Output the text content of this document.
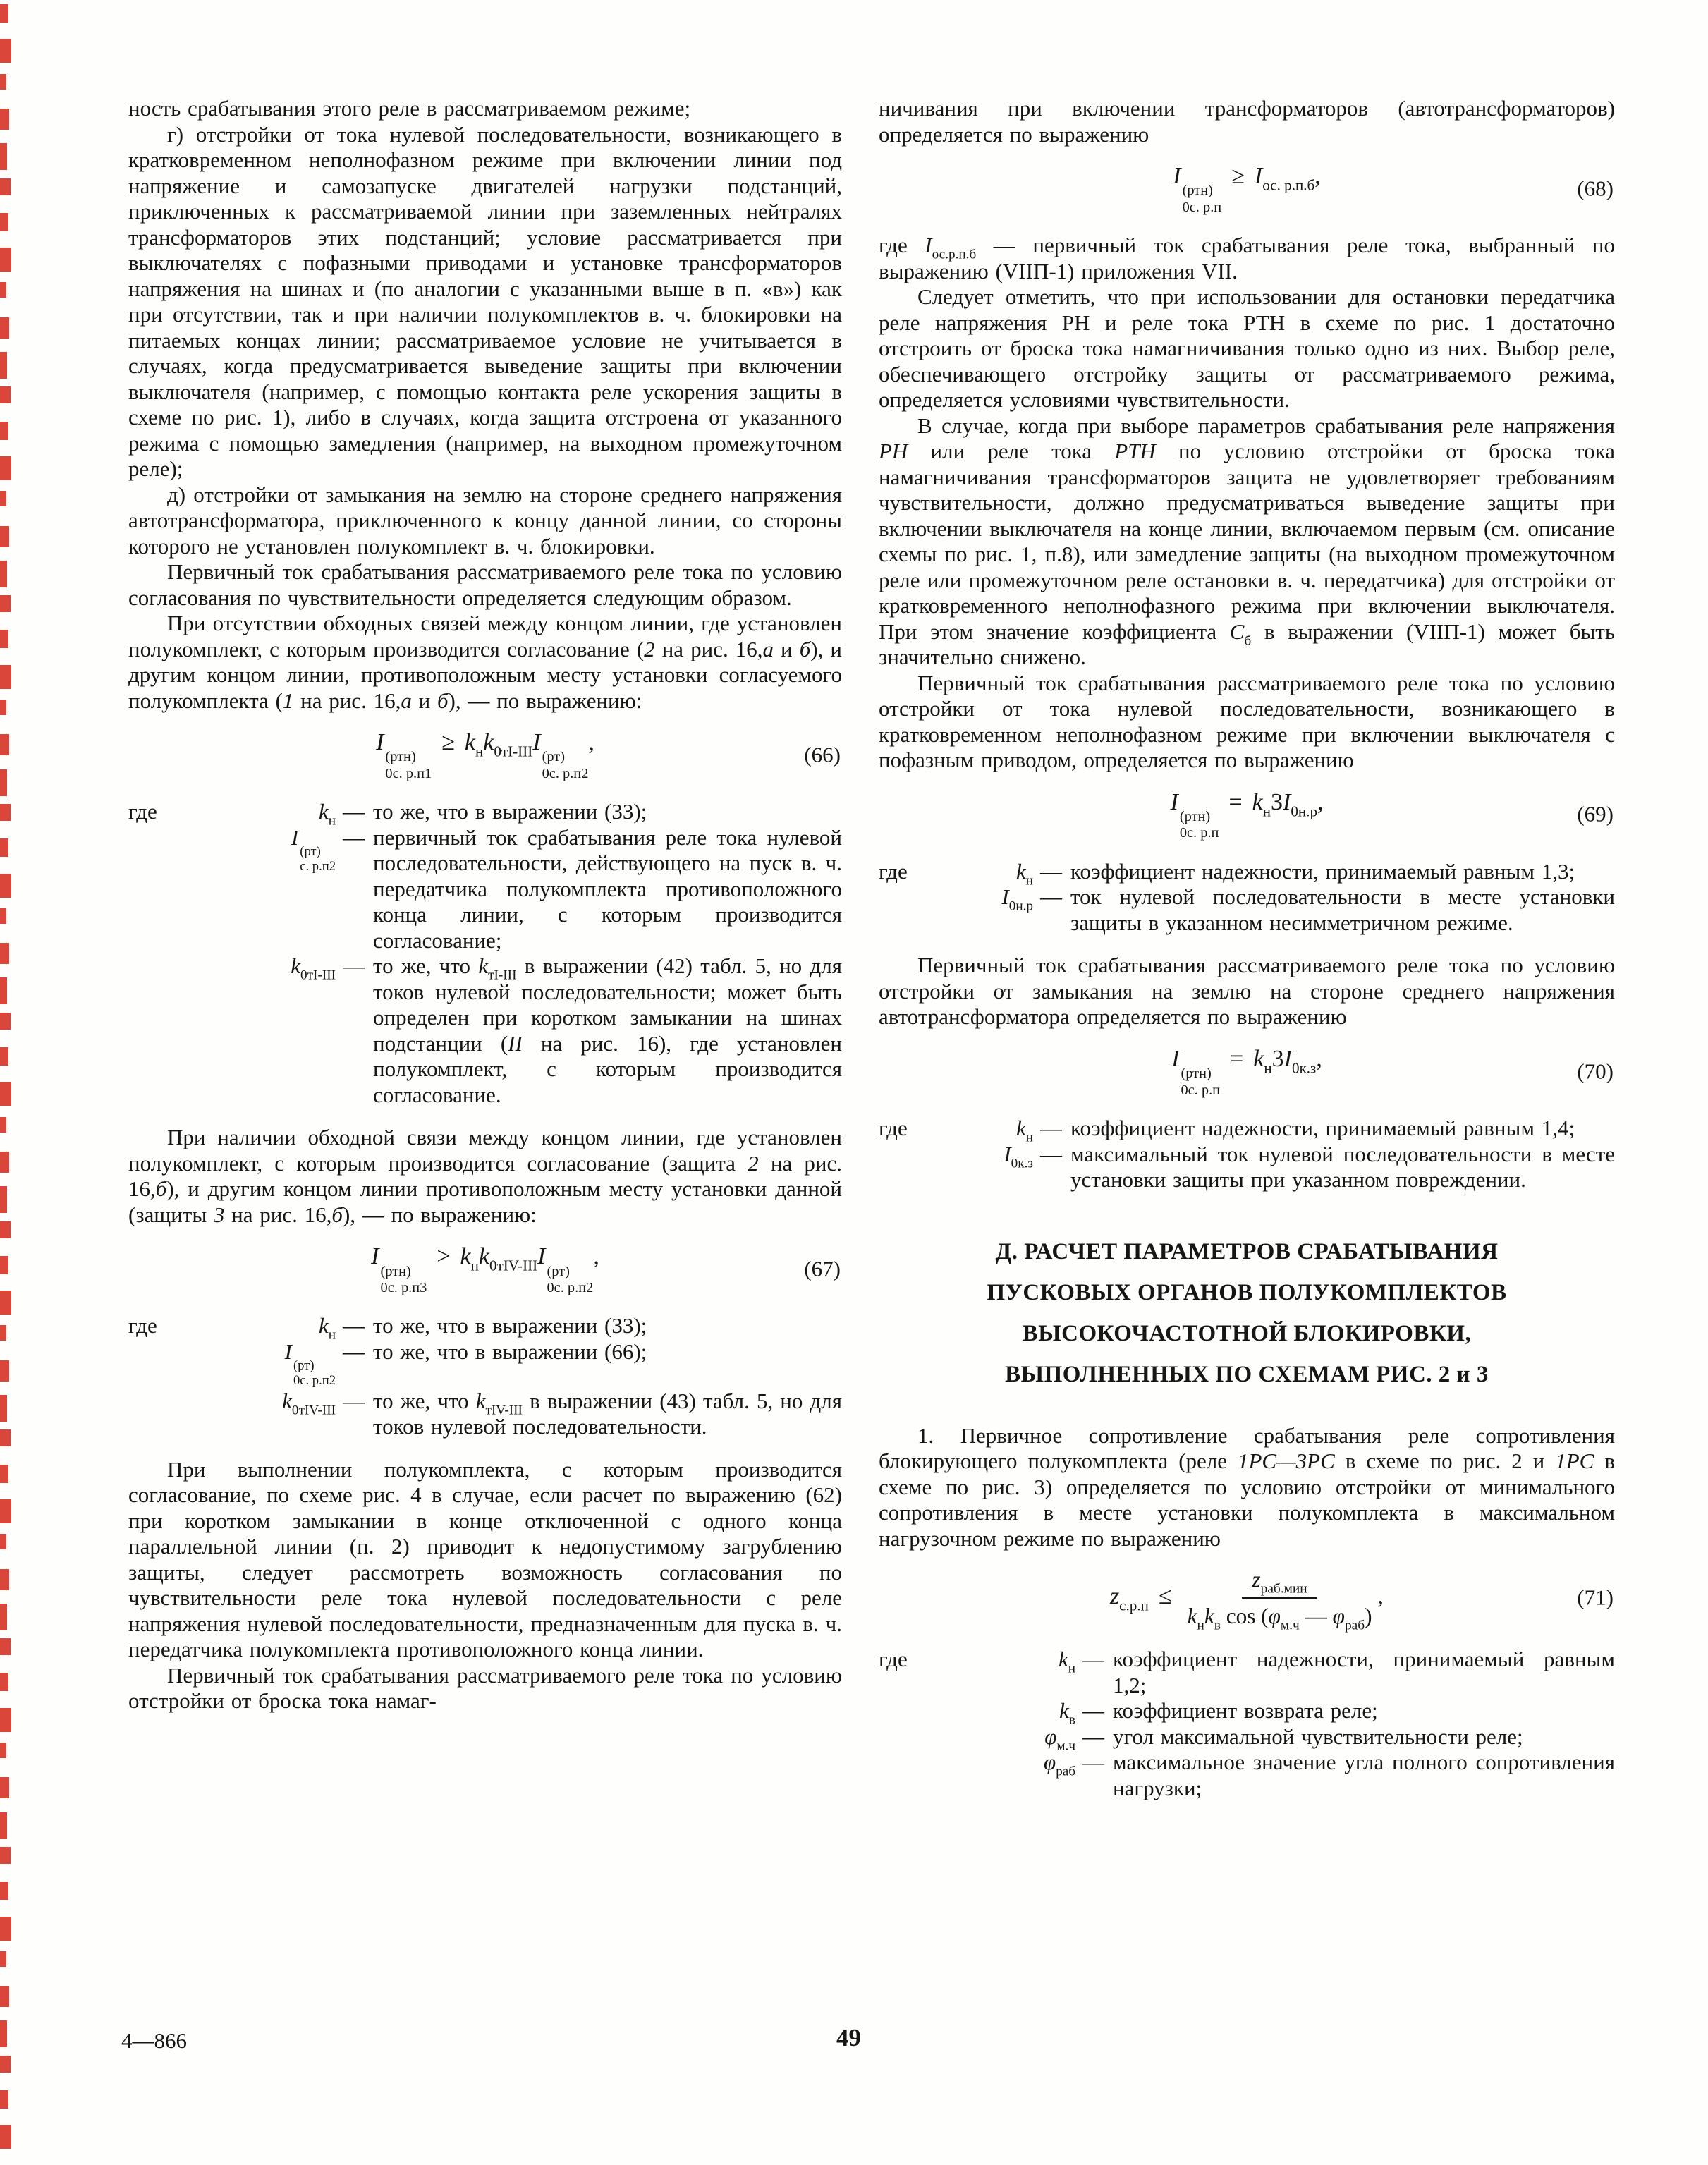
ность срабатывания этого реле в рассматриваемом режиме;

г) отстройки от тока нулевой последовательности, возникающего в кратковременном неполнофазном режиме при включении линии под напряжение и самозапуске двигателей нагрузки подстанций, приключенных к рассматриваемой линии при заземленных нейтралях трансформаторов этих подстанций; условие рассматривается при выключателях с пофазными приводами и установке трансформаторов напряжения на шинах и (по аналогии с указанными выше в п. «в») как при отсутствии, так и при наличии полукомплектов в. ч. блокировки на питаемых концах линии; рассматриваемое условие не учитывается в случаях, когда предусматривается выведение защиты при включении выключателя (например, с помощью контакта реле ускорения защиты в схеме по рис. 1), либо в случаях, когда защита отстроена от указанного режима с помощью замедления (например, на выходном промежуточном реле);

д) отстройки от замыкания на землю на стороне среднего напряжения автотрансформатора, приключенного к концу данной линии, со стороны которого не установлен полукомплект в. ч. блокировки.

Первичный ток срабатывания рассматриваемого реле тока по условию согласования по чувствительности определяется следующим образом.

При отсутствии обходных связей между концом линии, где установлен полукомплект, с которым производится согласование (2 на рис. 16,а и б), и другим концом линии, противоположным месту установки согласуемого полукомплекта (1 на рис. 16,а и б), — по выражению:

I
(ртн)
0с. р.п1
≥ $k_нk_{0тI-III}I$
(рт)
0с. р.п2
,	(66)
где	$k_н$ — то же, что в выражении (33);
I
(рт)
с. р.п2
— первичный ток срабатывания реле тока нулевой последовательности, действующего на пуск в. ч. передатчика полукомплекта противоположного конца линии, с которым производится согласование;
$k_{0тI-III}$ — то же, что $k_{тI-III}$ в выражении (42) табл. 5, но для токов нулевой последовательности; может быть определен при коротком замыкании на шинах подстанции (II на рис. 16), где установлен полукомплект, с которым производится согласование.

При наличии обходной связи между концом линии, где установлен полукомплект, с которым производится согласование (защита 2 на рис. 16,б), и другим концом линии противоположным месту установки данной (защиты 3 на рис. 16,б), — по выражению:

I
(ртн)
0с. р.п3
> $k_нk_{0тIV-III}I$
(рт)
0с. р.п2
,	(67)
где	$k_н$ — то же, что в выражении (33);
I
(рт)
0с. р.п2
— то же, что в выражении (66);
$k_{0тIV-III}$ — то же, что $k_{тIV-III}$ в выражении (43) табл. 5, но для токов нулевой последовательности.

При выполнении полукомплекта, с которым производится согласование, по схеме рис. 4 в случае, если расчет по выражению (62) при коротком замыкании в конце отключенной с одного конца параллельной линии (п. 2) приводит к недопустимому загрублению защиты, следует рассмотреть возможность согласования по чувствительности реле тока нулевой последовательности с реле напряжения нулевой последовательности, предназначенным для пуска в. ч. передатчика полукомплекта противоположного конца линии.

Первичный ток срабатывания рассматриваемого реле тока по условию отстройки от броска тока намаг-

ничивания при включении трансформаторов (автотрансформаторов) определяется по выражению

I
(ртн)
0с. р.п
≥ $I_{ос. р.п.б}$,	(68)

где $I_{ос.р.п.б}$ — первичный ток срабатывания реле тока, выбранный по выражению (VIIП-1) приложения VII.

Следует отметить, что при использовании для остановки передатчика реле напряжения РН и реле тока РТН в схеме по рис. 1 достаточно отстроить от броска тока намагничивания только одно из них. Выбор реле, обеспечивающего отстройку защиты от рассматриваемого режима, определяется условиями чувствительности.

В случае, когда при выборе параметров срабатывания реле напряжения РН или реле тока РТН по условию отстройки от броска тока намагничивания трансформаторов защита не удовлетворяет требованиям чувствительности, должно предусматриваться выведение защиты при включении выключателя на конце линии, включаемом первым (см. описание схемы по рис. 1, п.8), или замедление защиты (на выходном промежуточном реле или промежуточном реле остановки в. ч. передатчика) для отстройки от кратковременного неполнофазного режима при включении выключателя. При этом значение коэффициента $С_б$ в выражении (VIIП-1) может быть значительно снижено.

Первичный ток срабатывания рассматриваемого реле тока по условию отстройки от тока нулевой последовательности, возникающего в кратковременном неполнофазном режиме при включении выключателя с пофазным приводом, определяется по выражению

I
(ртн)
0с. р.п
= $k_н3I_{0н.р}$,	(69)
где	$k_н$ — коэффициент надежности, принимаемый равным 1,3;
$I_{0н.р}$ — ток нулевой последовательности в месте установки защиты в указанном несимметричном режиме.

Первичный ток срабатывания рассматриваемого реле тока по условию отстройки от замыкания на землю на стороне среднего напряжения автотрансформатора определяется по выражению

I
(ртн)
0с. р.п
= $k_н3I_{0к.з}$,	(70)
где	$k_н$ — коэффициент надежности, принимаемый равным 1,4;
$I_{0к.з}$ — максимальный ток нулевой последовательности в месте установки защиты при указанном повреждении.
Д. РАСЧЕТ ПАРАМЕТРОВ СРАБАТЫВАНИЯ
ПУСКОВЫХ ОРГАНОВ ПОЛУКОМПЛЕКТОВ
ВЫСОКОЧАСТОТНОЙ БЛОКИРОВКИ,
ВЫПОЛНЕННЫХ ПО СХЕМАМ РИС. 2 и 3

1. Первичное сопротивление срабатывания реле сопротивления блокирующего полукомплекта (реле 1РС—3РС в схеме по рис. 2 и 1РС в схеме по рис. 3) определяется по условию отстройки от минимального сопротивления в месте установки полукомплекта в максимальном нагрузочном режиме по выражению

$z_{с.р.п} \le \frac{z_{раб.мин}}{k_нk_в \cos (\varphi_{м.ч} — \varphi_{раб})}$ ,	(71)
где	$k_н$ — коэффициент надежности, принимаемый равным 1,2;
$k_в$ — коэффициент возврата реле;
$\varphi_{м.ч}$ — угол максимальной чувствительности реле;
$\varphi_{раб}$ — максимальное значение угла полного сопротивления нагрузки;
4—866	49
